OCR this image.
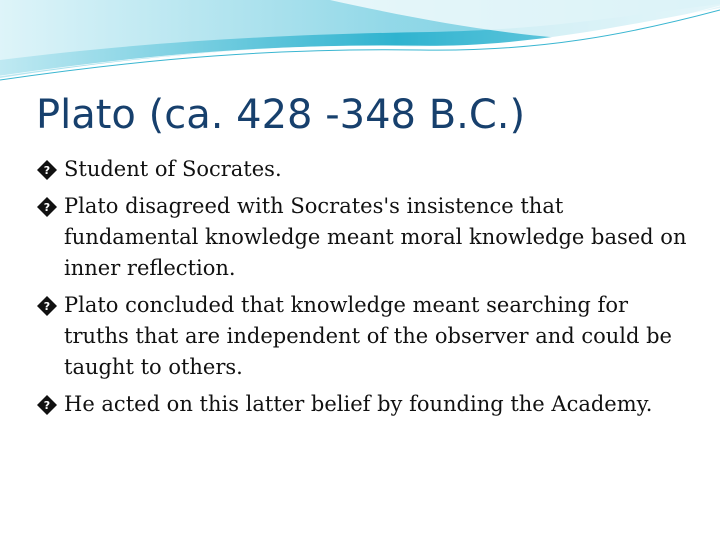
Plato (ca. 428 -348 B.C.)
? Student of Socrates.
? Plato disagreed with Socrates's insistence that fundamental knowledge meant moral knowledge based on inner reflection.
? Plato concluded that knowledge meant searching for truths that are independent of the observer and could be taught to others.
? He acted on this latter belief by founding the Academy.
